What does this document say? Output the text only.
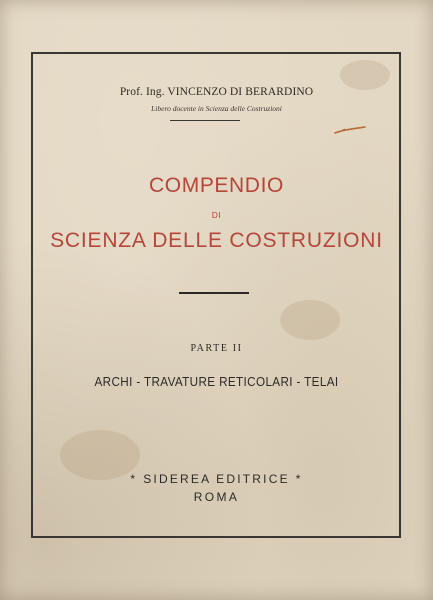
Prof. Ing. VINCENZO DI BERARDINO
Libero docente in Scienza delle Costruzioni
COMPENDIO
DI
SCIENZA DELLE COSTRUZIONI
PARTE II
ARCHI - TRAVATURE RETICOLARI - TELAI
* SIDEREA EDITRICE *
ROMA
